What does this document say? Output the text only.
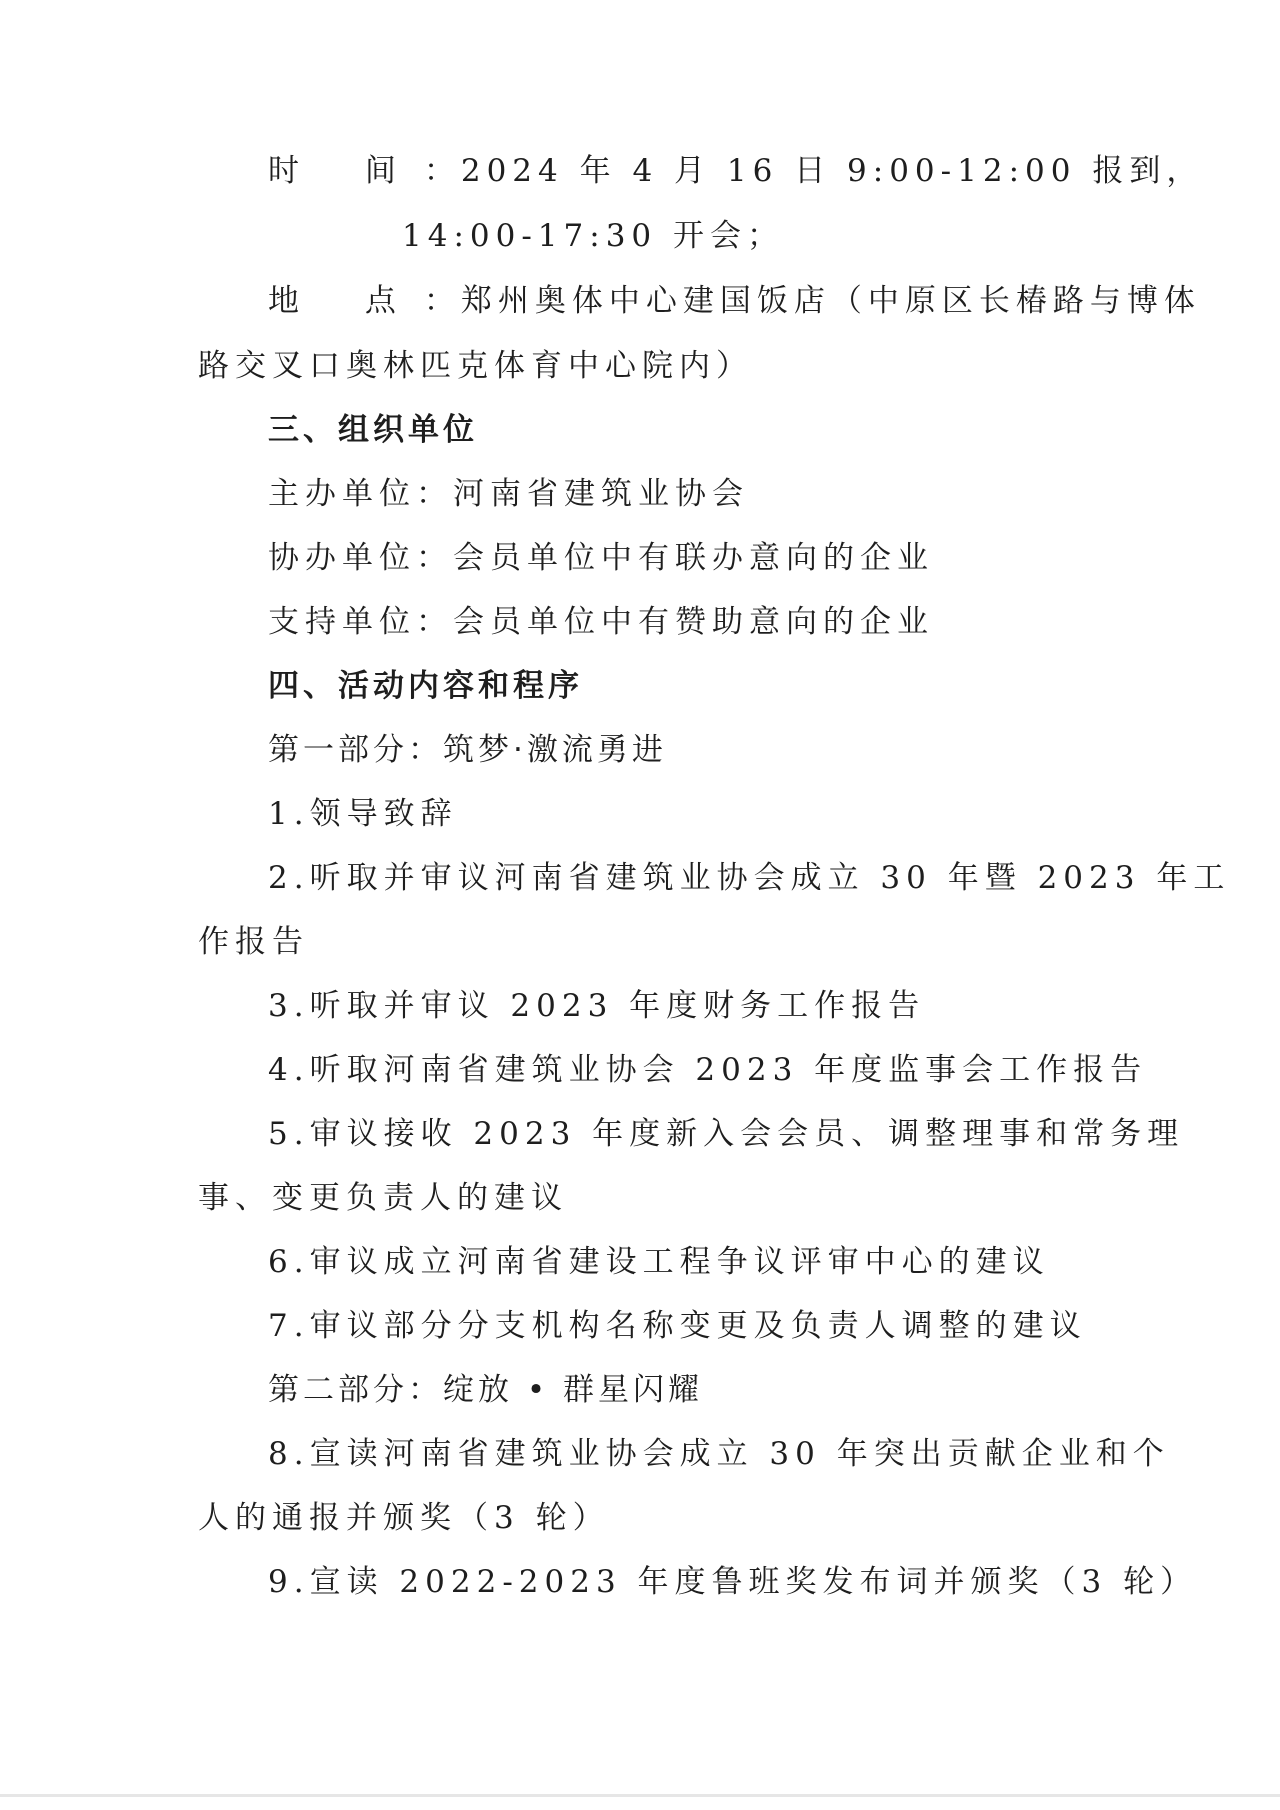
时 间：2024 年 4 月 16 日 9:00-12:00 报到，
14:00-17:30 开会；
地 点：郑州奥体中心建国饭店（中原区长椿路与博体
路交叉口奥林匹克体育中心院内）
三、组织单位
主办单位：河南省建筑业协会
协办单位：会员单位中有联办意向的企业
支持单位：会员单位中有赞助意向的企业
四、活动内容和程序
第一部分：筑梦·激流勇进
1.领导致辞
2.听取并审议河南省建筑业协会成立 30 年暨 2023 年工
作报告
3.听取并审议 2023 年度财务工作报告
4.听取河南省建筑业协会 2023 年度监事会工作报告
5.审议接收 2023 年度新入会会员、调整理事和常务理
事、变更负责人的建议
6.审议成立河南省建设工程争议评审中心的建议
7.审议部分分支机构名称变更及负责人调整的建议
第二部分：绽放 • 群星闪耀
8.宣读河南省建筑业协会成立 30 年突出贡献企业和个
人的通报并颁奖（3 轮）
9.宣读 2022-2023 年度鲁班奖发布词并颁奖（3 轮）
